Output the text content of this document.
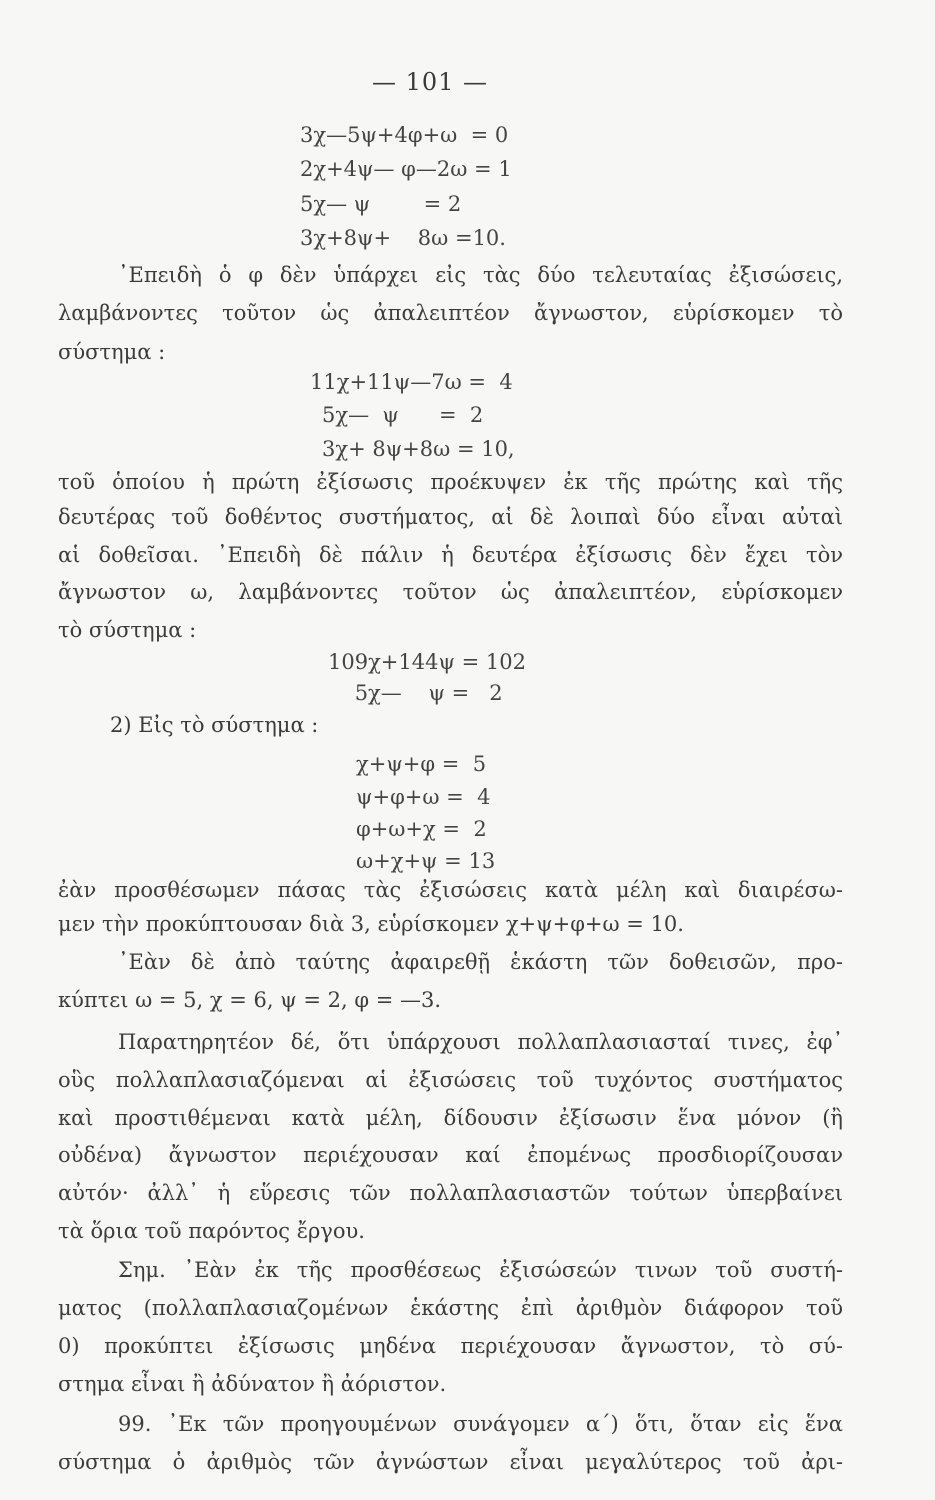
— 101 —
3χ—5ψ+4φ+ω  = 0
2χ+4ψ— φ—2ω = 1
5χ— ψ        = 2
3χ+8ψ+    8ω =10.
᾿Επειδὴ ὁ φ δὲν ὑπάρχει εἰς τὰς δύο τελευταίας ἐξισώσεις,
λαμβάνοντες τοῦτον ὡς ἀπαλειπτέον ἄγνωστον, εὑρίσκομεν τὸ
σύστημα :
11χ+11ψ—7ω =  4
5χ—  ψ      =  2
3χ+ 8ψ+8ω = 10,
τοῦ ὁποίου ἡ πρώτη ἐξίσωσις προέκυψεν ἐκ τῆς πρώτης καὶ τῆς
δευτέρας τοῦ δοθέντος συστήματος, αἱ δὲ λοιπαὶ δύο εἶναι αὐταὶ
αἱ δοθεῖσαι. ᾿Επειδὴ δὲ πάλιν ἡ δευτέρα ἐξίσωσις δὲν ἔχει τὸν
ἄγνωστον ω, λαμβάνοντες τοῦτον ὡς ἀπαλειπτέον, εὑρίσκομεν
τὸ σύστημα :
109χ+144ψ = 102
5χ—    ψ =   2
2) Εἰς τὸ σύστημα :
χ+ψ+φ =  5
ψ+φ+ω =  4
φ+ω+χ =  2
ω+χ+ψ = 13
ἐὰν προσθέσωμεν πάσας τὰς ἐξισώσεις κατὰ μέλη καὶ διαιρέσω-
μεν τὴν προκύπτουσαν διὰ 3, εὑρίσκομεν χ+ψ+φ+ω = 10.
᾿Εὰν δὲ ἀπὸ ταύτης ἀφαιρεθῇ ἑκάστη τῶν δοθεισῶν, προ-
κύπτει ω = 5, χ = 6, ψ = 2, φ = —3.
Παρατηρητέον δέ, ὅτι ὑπάρχουσι πολλαπλασιασταί τινες, ἐφ᾿
οὓς πολλαπλασιαζόμεναι αἱ ἐξισώσεις τοῦ τυχόντος συστήματος
καὶ προστιθέμεναι κατὰ μέλη, δίδουσιν ἐξίσωσιν ἕνα μόνον (ἢ
οὐδένα) ἄγνωστον περιέχουσαν καί ἐπομένως προσδιορίζουσαν
αὐτόν· ἀλλ᾿ ἡ εὕρεσις τῶν πολλαπλασιαστῶν τούτων ὑπερβαίνει
τὰ ὅρια τοῦ παρόντος ἔργου.
Σημ. ᾿Εὰν ἐκ τῆς προσθέσεως ἐξισώσεών τινων τοῦ συστή-
ματος (πολλαπλασιαζομένων ἑκάστης ἐπὶ ἀριθμὸν διάφορον τοῦ
0) προκύπτει ἐξίσωσις μηδένα περιέχουσαν ἄγνωστον, τὸ σύ-
στημα εἶναι ἢ ἀδύνατον ἢ ἀόριστον.
99. ᾿Εκ τῶν προηγουμένων συνάγομεν α΄) ὅτι, ὅταν εἰς ἕνα
σύστημα ὁ ἀριθμὸς τῶν ἀγνώστων εἶναι μεγαλύτερος τοῦ ἀρι-
